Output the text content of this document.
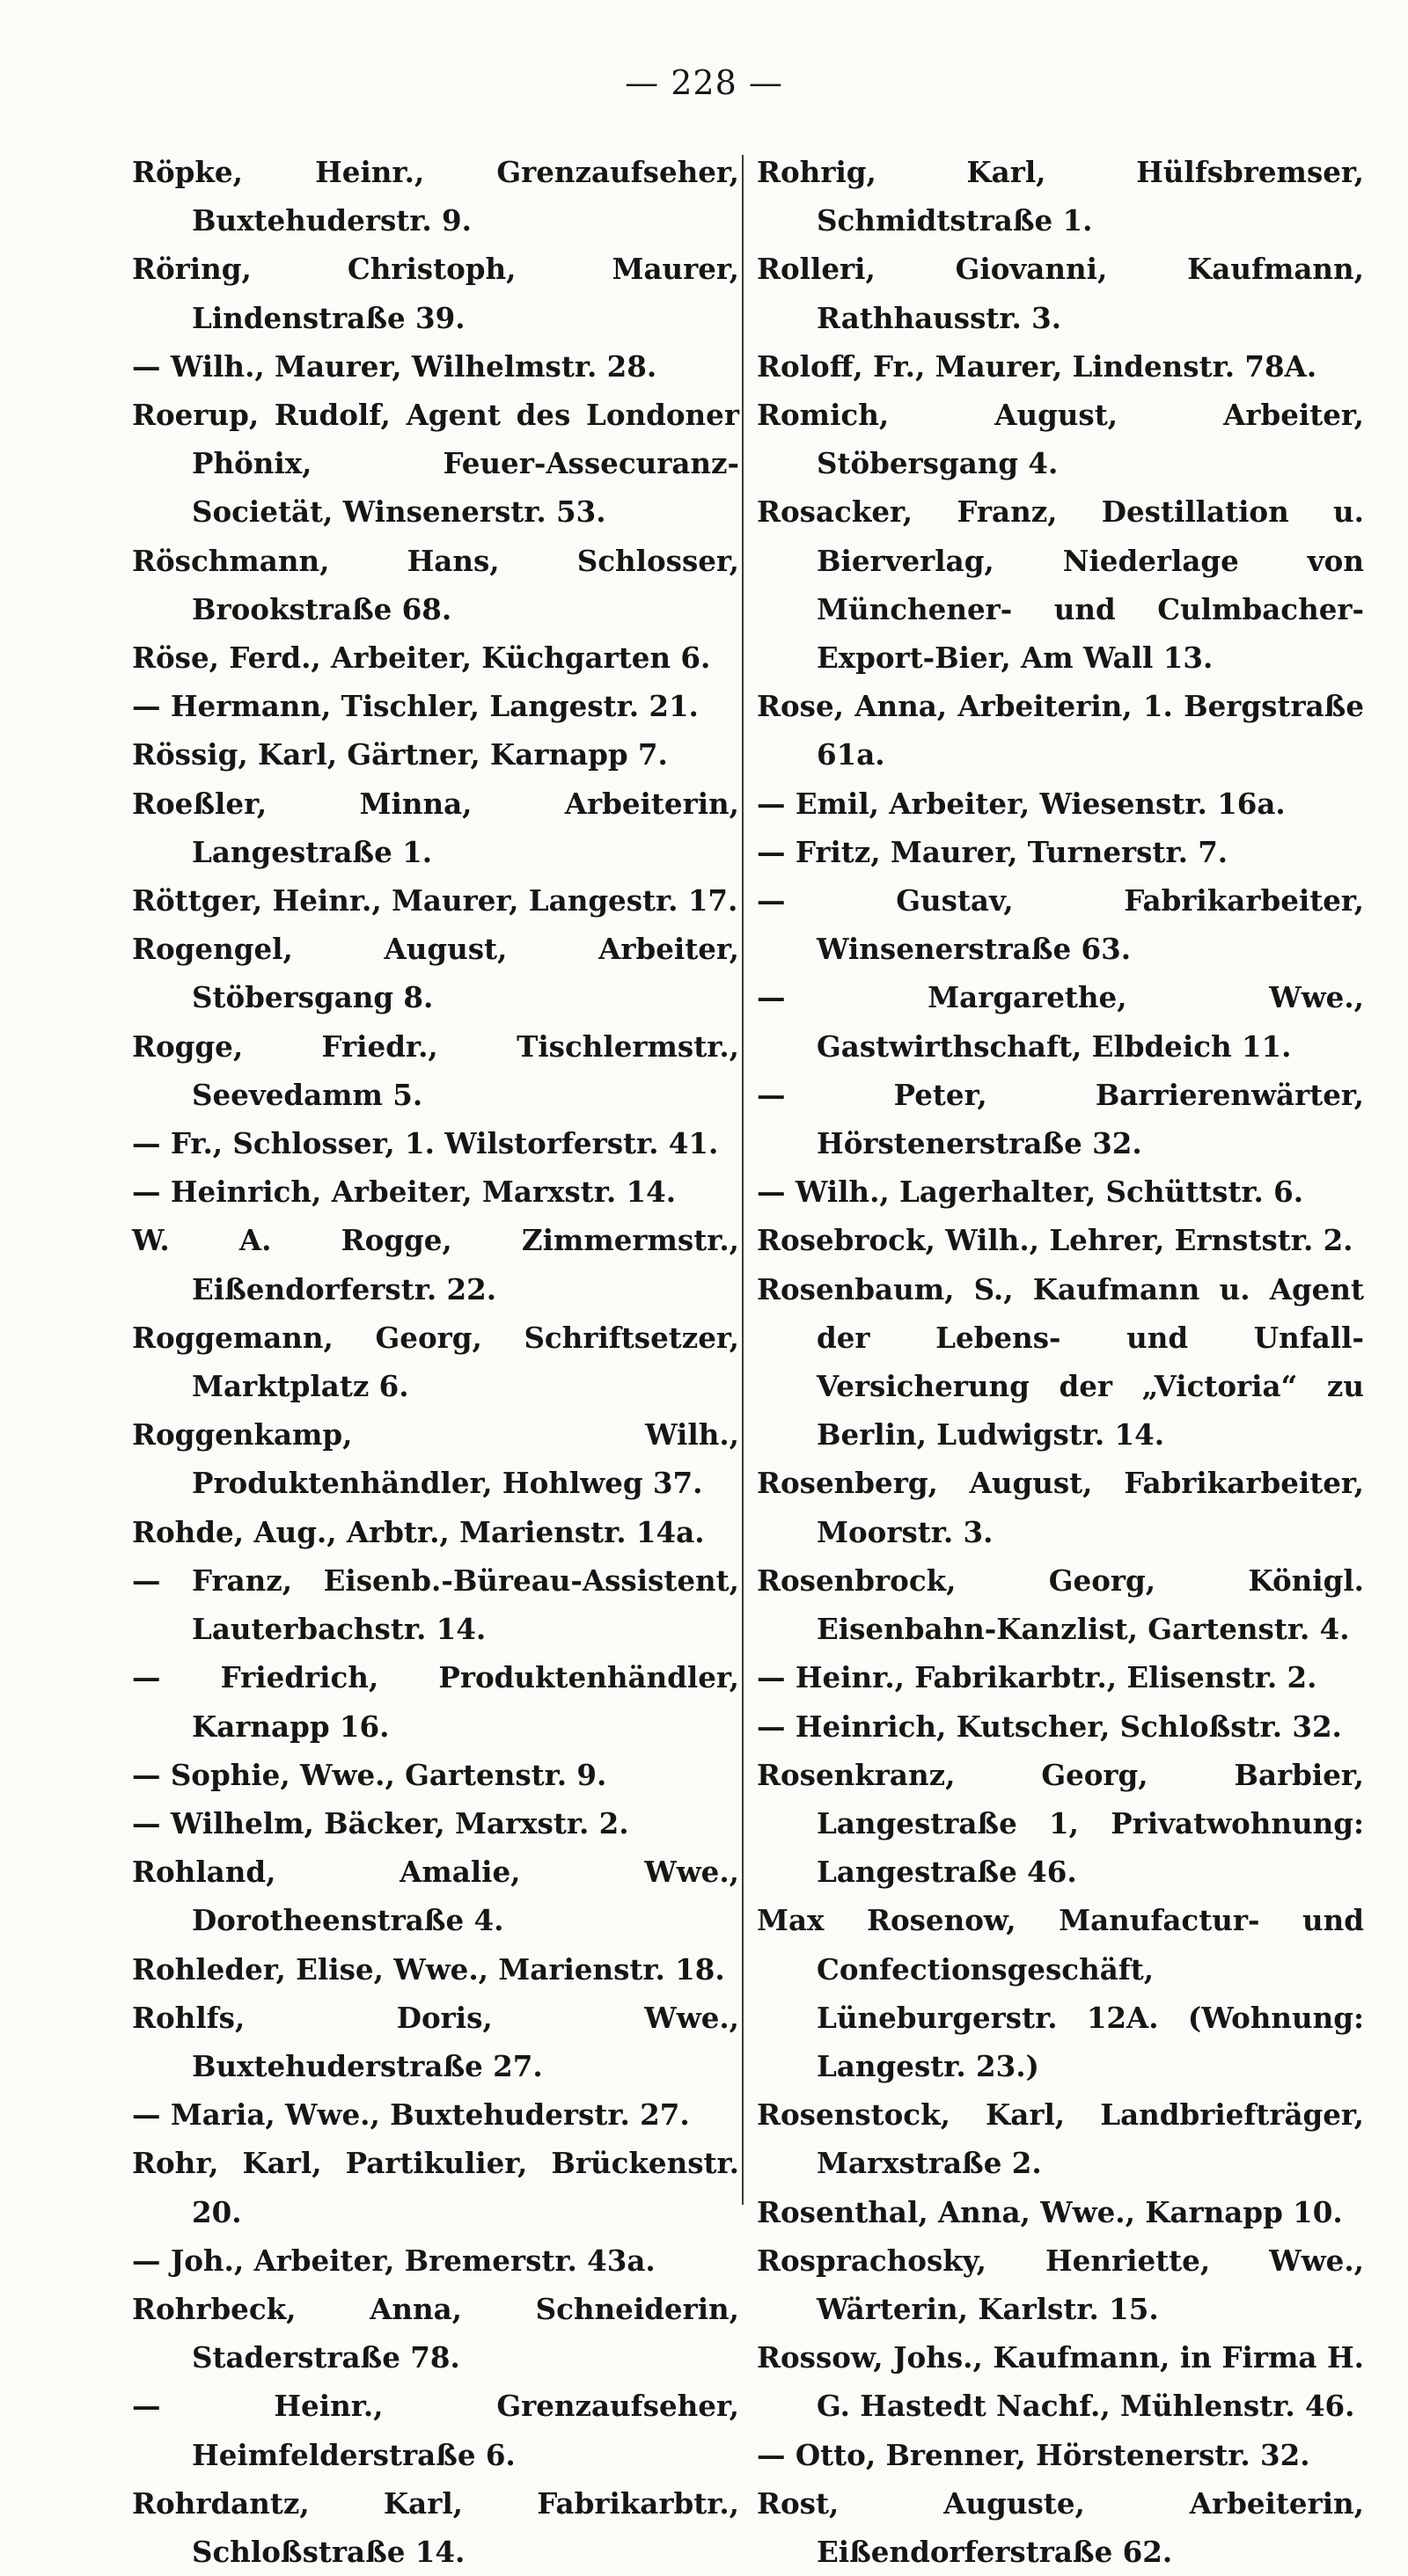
— 228 —

Röpke, Heinr., Grenzaufseher, Buxtehuderstr. 9.

Röring, Christoph, Maurer, Lindenstraße 39.

— Wilh., Maurer, Wilhelmstr. 28.

Roerup, Rudolf, Agent des Londoner Phönix, Feuer-Assecuranz-Societät, Winsenerstr. 53.

Röschmann, Hans, Schlosser, Brookstraße 68.

Röse, Ferd., Arbeiter, Küchgarten 6.

— Hermann, Tischler, Langestr. 21.

Rössig, Karl, Gärtner, Karnapp 7.

Roeßler, Minna, Arbeiterin, Langestraße 1.

Röttger, Heinr., Maurer, Langestr. 17.

Rogengel, August, Arbeiter, Stöbersgang 8.

Rogge, Friedr., Tischlermstr., Seevedamm 5.

— Fr., Schlosser, 1. Wilstorferstr. 41.

— Heinrich, Arbeiter, Marxstr. 14.

W. A. Rogge, Zimmermstr., Eißendorferstr. 22.

Roggemann, Georg, Schriftsetzer, Marktplatz 6.

Roggenkamp, Wilh., Produktenhändler, Hohlweg 37.

Rohde, Aug., Arbtr., Marienstr. 14a.

— Franz, Eisenb.-Büreau-Assistent, Lauterbachstr. 14.

— Friedrich, Produktenhändler, Karnapp 16.

— Sophie, Wwe., Gartenstr. 9.

— Wilhelm, Bäcker, Marxstr. 2.

Rohland, Amalie, Wwe., Dorotheenstraße 4.

Rohleder, Elise, Wwe., Marienstr. 18.

Rohlfs, Doris, Wwe., Buxtehuderstraße 27.

— Maria, Wwe., Buxtehuderstr. 27.

Rohr, Karl, Partikulier, Brückenstr. 20.

— Joh., Arbeiter, Bremerstr. 43a.

Rohrbeck, Anna, Schneiderin, Staderstraße 78.

— Heinr., Grenzaufseher, Heimfelderstraße 6.

Rohrdantz, Karl, Fabrikarbtr., Schloßstraße 14.

Rohrig, Karl, Hülfsbremser, Schmidtstraße 1.

Rolleri, Giovanni, Kaufmann, Rathhausstr. 3.

Roloff, Fr., Maurer, Lindenstr. 78A.

Romich, August, Arbeiter, Stöbersgang 4.

Rosacker, Franz, Destillation u. Bierverlag, Niederlage von Münchener- und Culmbacher-Export-Bier, Am Wall 13.

Rose, Anna, Arbeiterin, 1. Bergstraße 61a.

— Emil, Arbeiter, Wiesenstr. 16a.

— Fritz, Maurer, Turnerstr. 7.

— Gustav, Fabrikarbeiter, Winsenerstraße 63.

— Margarethe, Wwe., Gastwirthschaft, Elbdeich 11.

— Peter, Barrierenwärter, Hörstenerstraße 32.

— Wilh., Lagerhalter, Schüttstr. 6.

Rosebrock, Wilh., Lehrer, Ernststr. 2.

Rosenbaum, S., Kaufmann u. Agent der Lebens- und Unfall-Versicherung der „Victoria“ zu Berlin, Ludwigstr. 14.

Rosenberg, August, Fabrikarbeiter, Moorstr. 3.

Rosenbrock, Georg, Königl. Eisenbahn-Kanzlist, Gartenstr. 4.

— Heinr., Fabrikarbtr., Elisenstr. 2.

— Heinrich, Kutscher, Schloßstr. 32.

Rosenkranz, Georg, Barbier, Langestraße 1, Privatwohnung: Langestraße 46.

Max Rosenow, Manufactur- und Confectionsgeschäft, Lüneburgerstr. 12A. (Wohnung: Langestr. 23.)

Rosenstock, Karl, Landbriefträger, Marxstraße 2.

Rosenthal, Anna, Wwe., Karnapp 10.

Rosprachosky, Henriette, Wwe., Wärterin, Karlstr. 15.

Rossow, Johs., Kaufmann, in Firma H. G. Hastedt Nachf., Mühlenstr. 46.

— Otto, Brenner, Hörstenerstr. 32.

Rost, Auguste, Arbeiterin, Eißendorferstraße 62.
